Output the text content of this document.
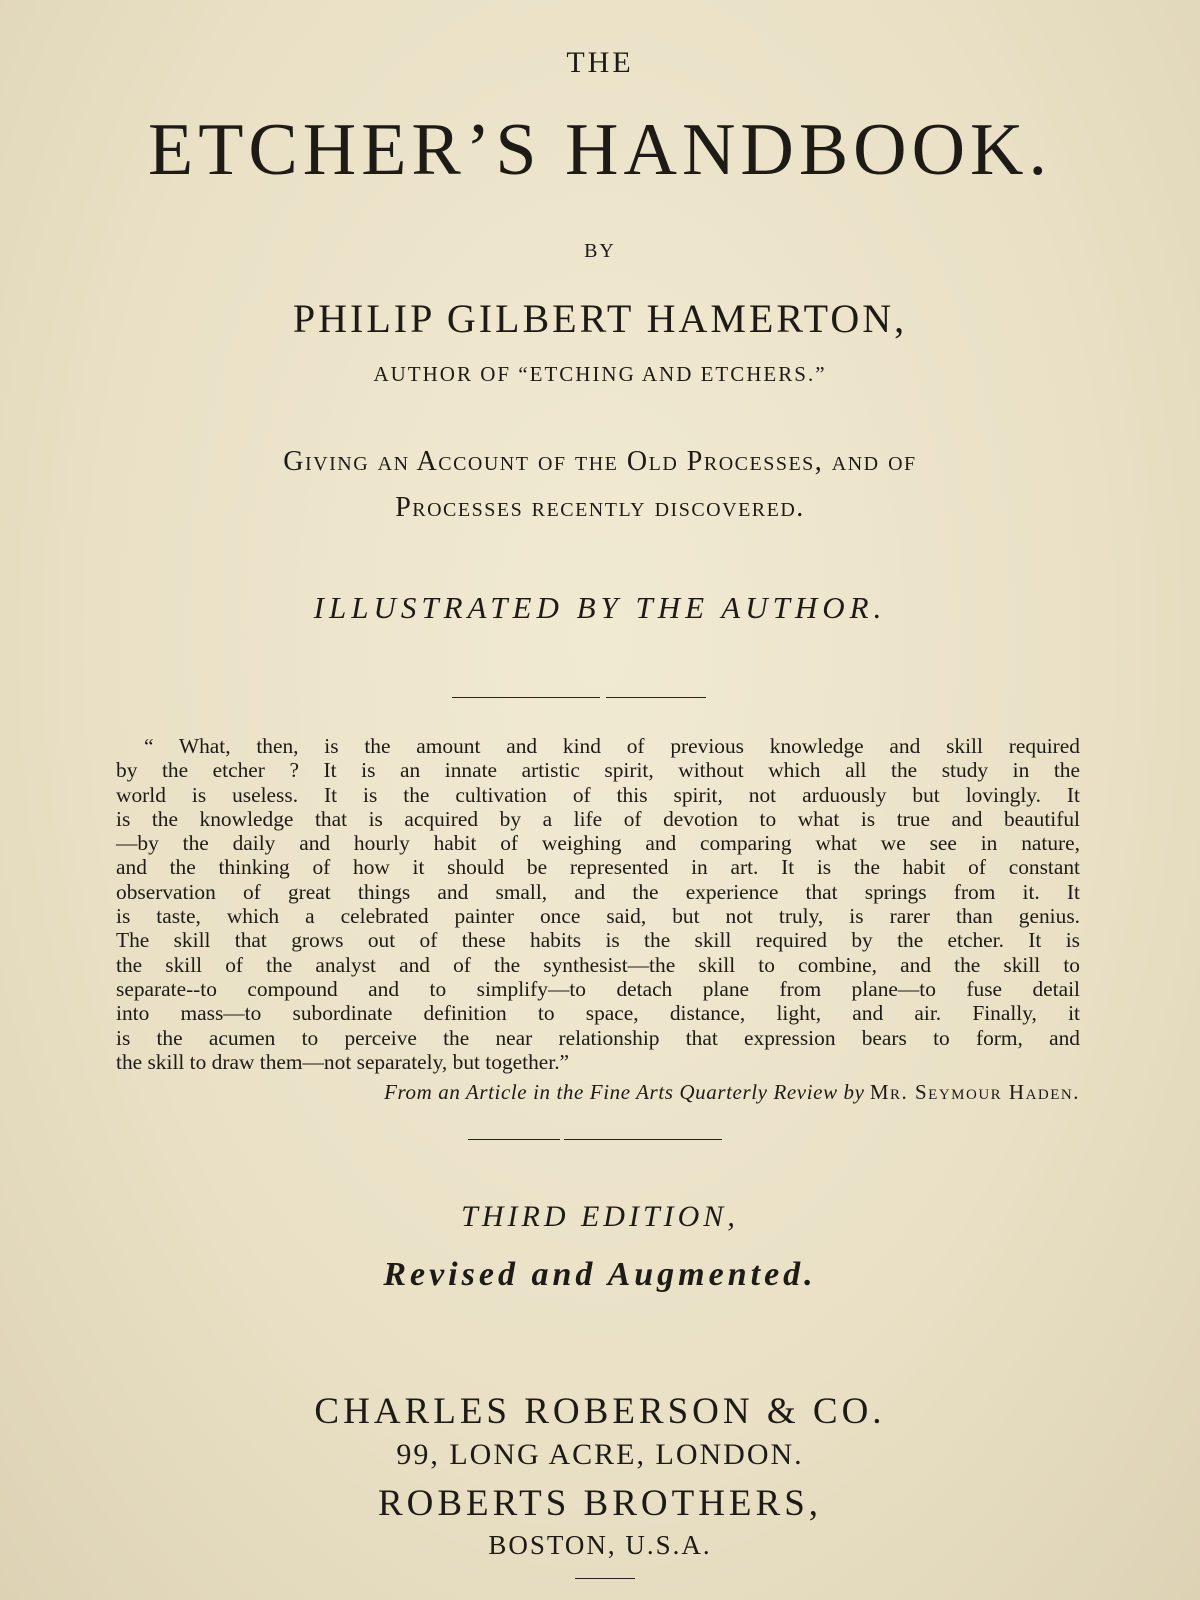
THE
ETCHER’S HANDBOOK.
BY
PHILIP GILBERT HAMERTON,
AUTHOR OF “ETCHING AND ETCHERS.”
Giving an Account of the Old Processes, and of
Processes recently discovered.
ILLUSTRATED BY THE AUTHOR.
“ What, then, is the amount and kind of previous knowledge and skill required
by the etcher ? It is an innate artistic spirit, without which all the study in the
world is useless. It is the cultivation of this spirit, not arduously but lovingly. It
is the knowledge that is acquired by a life of devotion to what is true and beautiful
—by the daily and hourly habit of weighing and comparing what we see in nature,
and the thinking of how it should be represented in art. It is the habit of constant
observation of great things and small, and the experience that springs from it. It
is taste, which a celebrated painter once said, but not truly, is rarer than genius.
The skill that grows out of these habits is the skill required by the etcher. It is
the skill of the analyst and of the synthesist—the skill to combine, and the skill to
separate--to compound and to simplify—to detach plane from plane—to fuse detail
into mass—to subordinate definition to space, distance, light, and air. Finally, it
is the acumen to perceive the near relationship that expression bears to form, and
the skill to draw them—not separately, but together.”
From an Article in the Fine Arts Quarterly Review by Mr. Seymour Haden.
THIRD EDITION,
Revised and Augmented.
CHARLES ROBERSON & CO.
99, LONG ACRE, LONDON.
ROBERTS BROTHERS,
BOSTON, U.S.A.
